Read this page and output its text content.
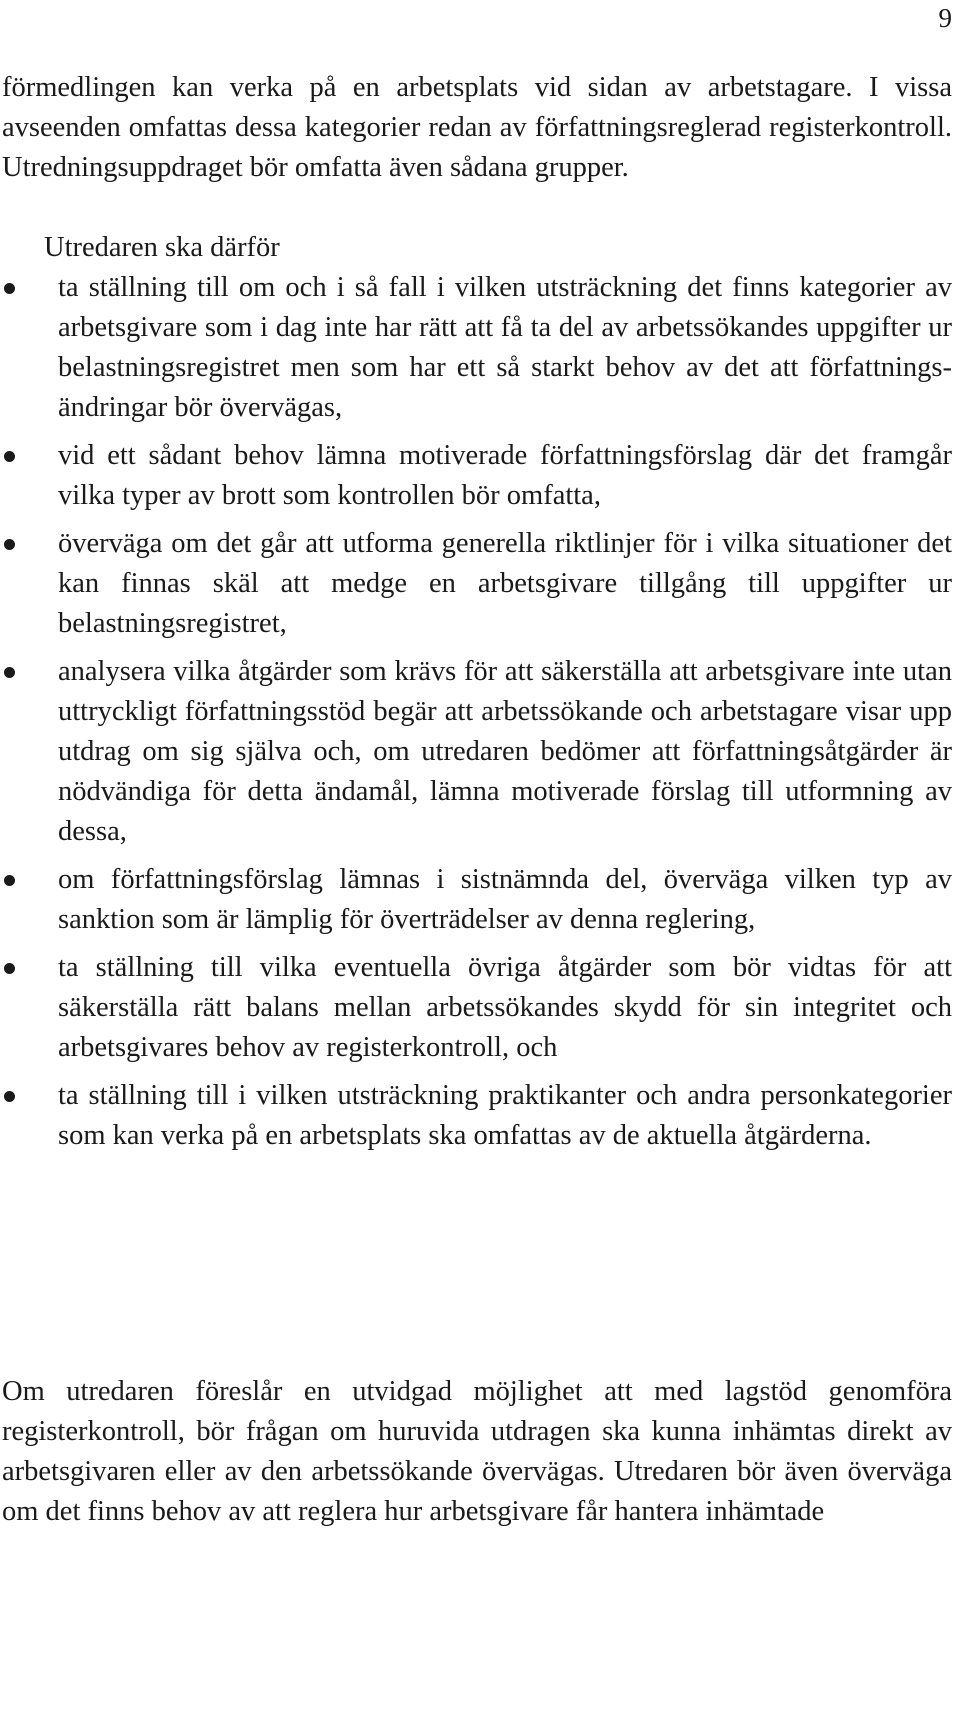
9

förmedlingen kan verka på en arbetsplats vid sidan av arbetstagare. I vissa avseenden omfattas dessa kategorier redan av författningsreglerad registerkontroll. Utredningsuppdraget bör omfatta även sådana grupper.

Utredaren ska därför

ta ställning till om och i så fall i vilken utsträckning det finns kategorier av arbetsgivare som i dag inte har rätt att få ta del av arbetssökandes uppgifter ur belastningsregistret men som har ett så starkt behov av det att författningsändringar bör övervägas,
vid ett sådant behov lämna motiverade författningsförslag där det framgår vilka typer av brott som kontrollen bör omfatta,
överväga om det går att utforma generella riktlinjer för i vilka situationer det kan finnas skäl att medge en arbetsgivare tillgång till uppgifter ur belastningsregistret,
analysera vilka åtgärder som krävs för att säkerställa att arbetsgivare inte utan uttryckligt författningsstöd begär att arbetssökande och arbetstagare visar upp utdrag om sig själva och, om utredaren bedömer att författningsåtgärder är nödvändiga för detta ändamål, lämna motiverade förslag till utformning av dessa,
om författningsförslag lämnas i sistnämnda del, överväga vilken typ av sanktion som är lämplig för överträdelser av denna reglering,
ta ställning till vilka eventuella övriga åtgärder som bör vidtas för att säkerställa rätt balans mellan arbetssökandes skydd för sin integritet och arbetsgivares behov av registerkontroll, och
ta ställning till i vilken utsträckning praktikanter och andra personkategorier som kan verka på en arbetsplats ska omfattas av de aktuella åtgärderna.

Om utredaren föreslår en utvidgad möjlighet att med lagstöd genomföra registerkontroll, bör frågan om huruvida utdragen ska kunna inhämtas direkt av arbetsgivaren eller av den arbetssökande övervägas. Utredaren bör även överväga om det finns behov av att reglera hur arbetsgivare får hantera inhämtade
